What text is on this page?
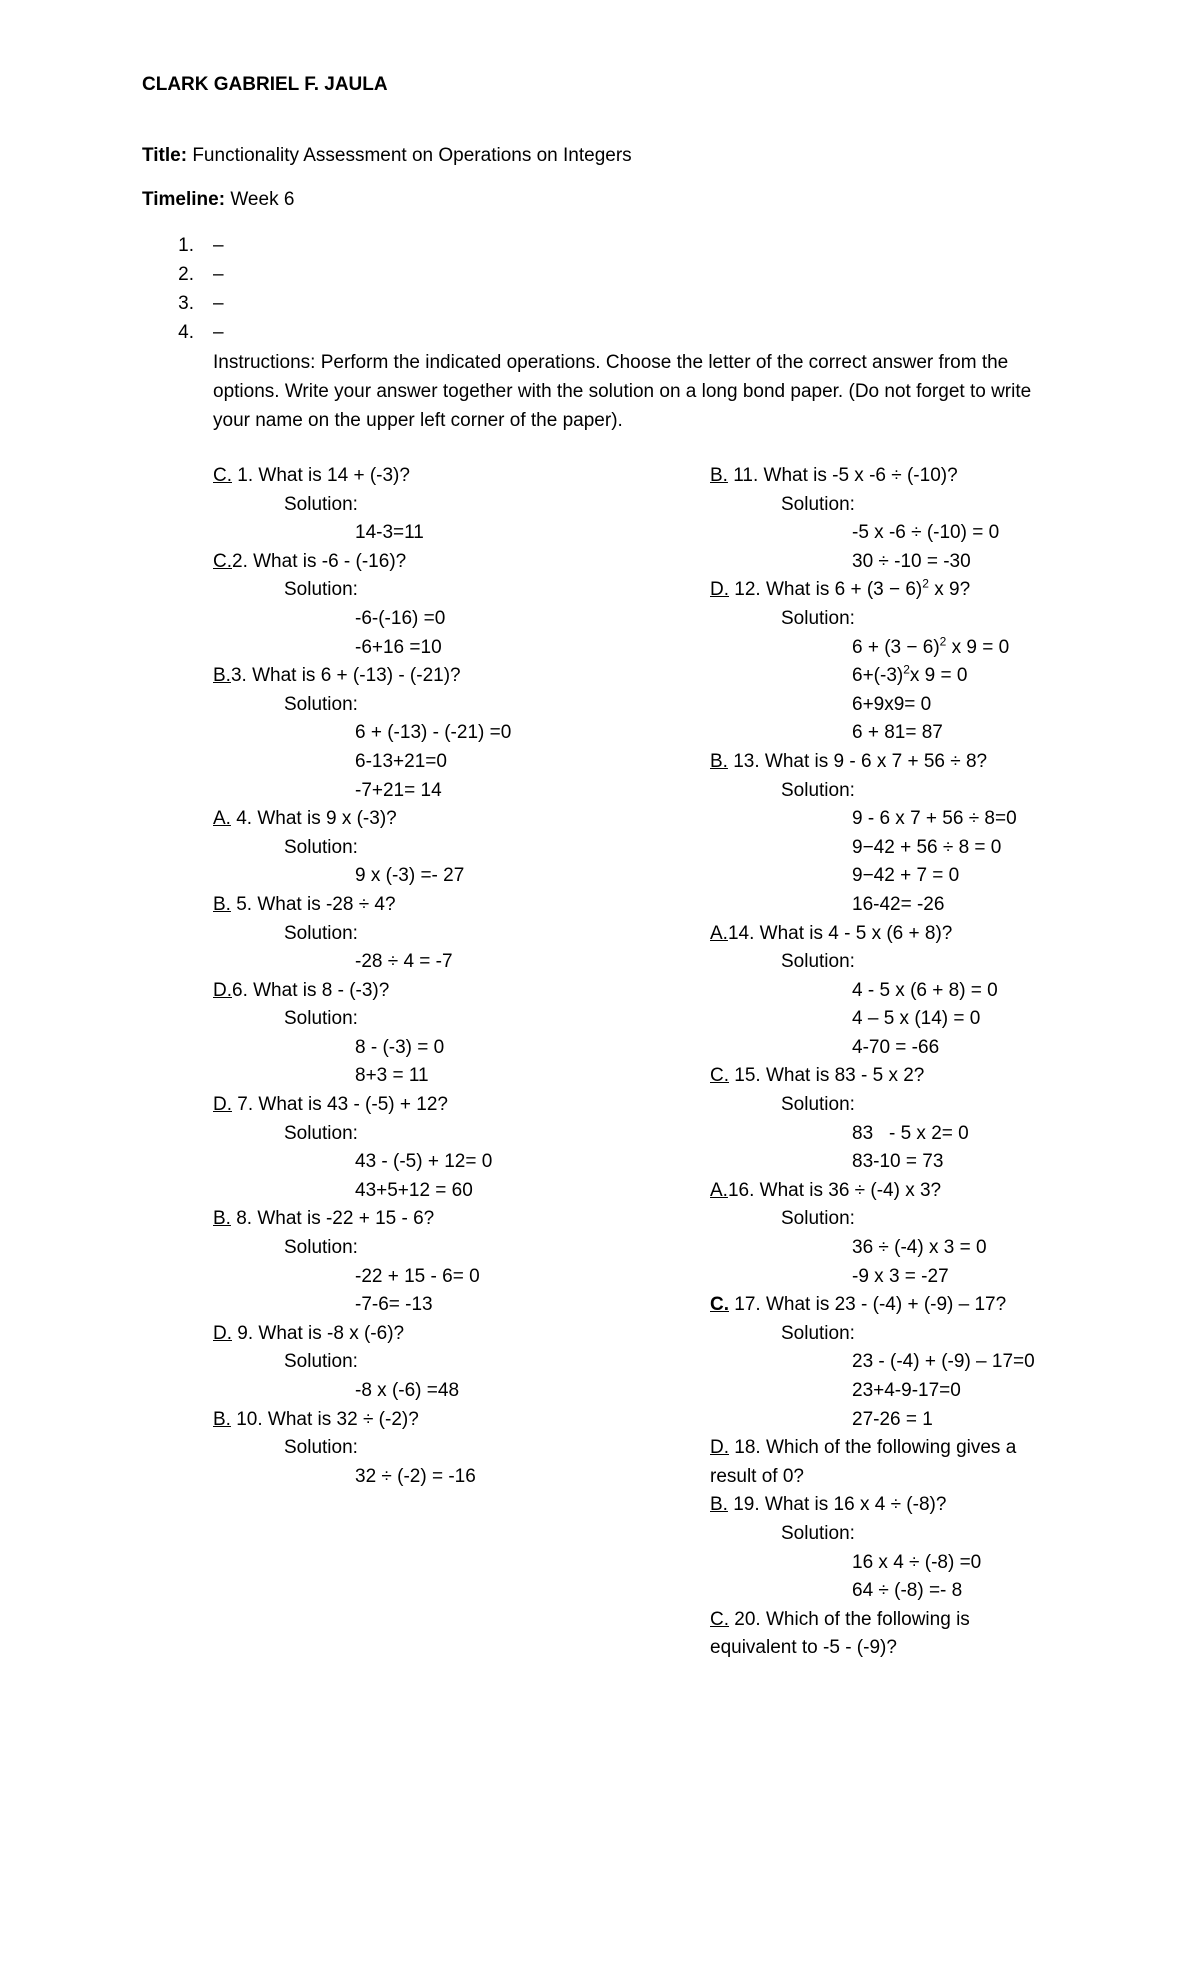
CLARK GABRIEL F. JAULA
Title: Functionality Assessment on Operations on Integers
Timeline: Week 6
1. –
2. –
3. –
4. –
Instructions: Perform the indicated operations. Choose the letter of the correct answer from the options. Write your answer together with the solution on a long bond paper. (Do not forget to write your name on the upper left corner of the paper).
C. 1. What is 14 + (-3)?
Solution:
14-3=11
C.2. What is -6 - (-16)?
Solution:
-6-(-16) =0
-6+16 =10
B.3. What is 6 + (-13) - (-21)?
Solution:
6 + (-13) - (-21) =0
6-13+21=0
-7+21= 14
A. 4. What is 9 x (-3)?
Solution:
9 x (-3) =- 27
B. 5. What is -28 ÷ 4?
Solution:
-28 ÷ 4 = -7
D.6. What is 8 - (-3)?
Solution:
8 - (-3) = 0
8+3 = 11
D. 7. What is 43 - (-5) + 12?
Solution:
43 - (-5) + 12= 0
43+5+12 = 60
B. 8. What is -22 + 15 - 6?
Solution:
-22 + 15 - 6= 0
-7-6= -13
D. 9. What is -8 x (-6)?
Solution:
-8 x (-6) =48
B. 10. What is 32 ÷ (-2)?
Solution:
32 ÷ (-2) = -16
B. 11. What is -5 x -6 ÷ (-10)?
Solution:
-5 x -6 ÷ (-10) = 0
30 ÷ -10 = -30
D. 12. What is $6 + (3 - 6)^2$ x 9?
Solution:
$6 + (3 - 6)^2$ x 9 = 0
$6+(-3)^2x$ 9 = 0
6+9x9= 0
6 + 81= 87
B. 13. What is 9 - 6 x 7 + 56 ÷ 8?
Solution:
9 - 6 x 7 + 56 ÷ 8=0
9−42 + 56 ÷ 8 = 0
9−42 + 7 = 0
16-42= -26
A.14. What is 4 - 5 x (6 + 8)?
Solution:
4 - 5 x (6 + 8) = 0
4 – 5 x (14) = 0
4-70 = -66
C. 15. What is 83 - 5 x 2?
Solution:
83   - 5 x 2= 0
83-10 = 73
A.16. What is 36 ÷ (-4) x 3?
Solution:
36 ÷ (-4) x 3 = 0
-9 x 3 = -27
C. 17. What is 23 - (-4) + (-9) – 17?
Solution:
23 - (-4) + (-9) – 17=0
23+4-9-17=0
27-26 = 1
D. 18. Which of the following gives a
result of 0?
B. 19. What is 16 x 4 ÷ (-8)?
Solution:
16 x 4 ÷ (-8) =0
64 ÷ (-8) =- 8
C. 20. Which of the following is
equivalent to -5 - (-9)?
